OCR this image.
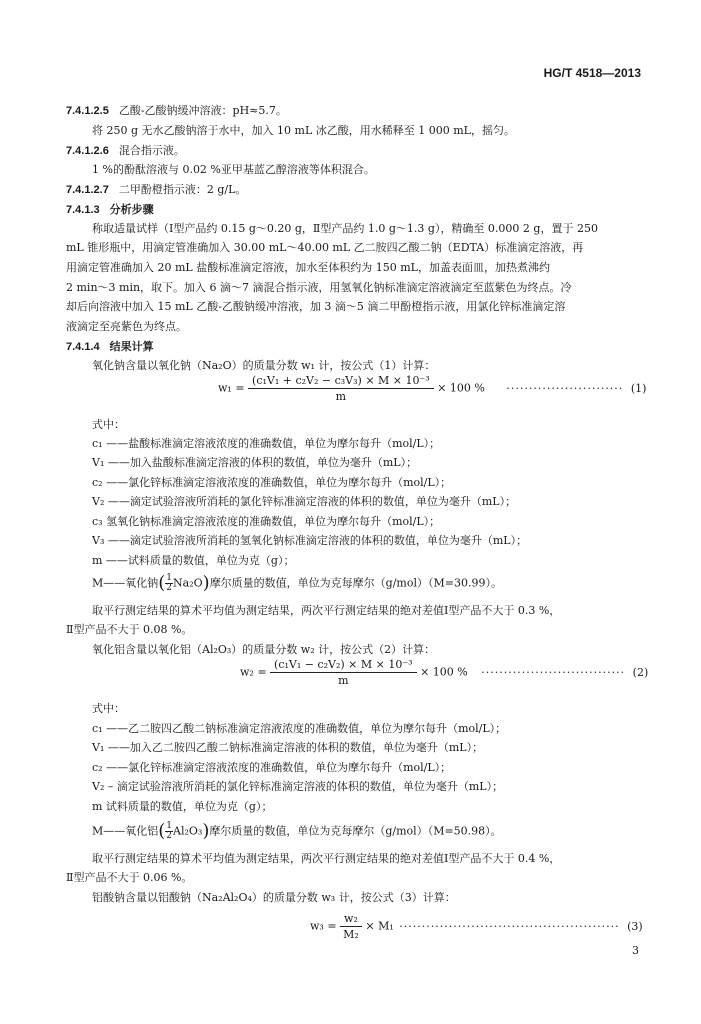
HG/T 4518—2013
7.4.1.2.5 乙酸-乙酸钠缓冲溶液：pH≈5.7。
将 250 g 无水乙酸钠溶于水中，加入 10 mL 冰乙酸，用水稀释至 1 000 mL，摇匀。
7.4.1.2.6 混合指示液。
1 %的酚酞溶液与 0.02 %亚甲基蓝乙醇溶液等体积混合。
7.4.1.2.7 二甲酚橙指示液：2 g/L。
7.4.1.3 分析步骤
称取适量试样（Ⅰ型产品约 0.15 g～0.20 g，Ⅱ型产品约 1.0 g～1.3 g），精确至 0.000 2 g，置于 250
mL 锥形瓶中，用滴定管准确加入 30.00 mL～40.00 mL 乙二胺四乙酸二钠（EDTA）标准滴定溶液，再
用滴定管准确加入 20 mL 盐酸标准滴定溶液，加水至体积约为 150 mL，加盖表面皿，加热煮沸约
2 min～3 min，取下。加入 6 滴～7 滴混合指示液，用氢氧化钠标准滴定溶液滴定至蓝紫色为终点。冷
却后向溶液中加入 15 mL 乙酸-乙酸钠缓冲溶液，加 3 滴～5 滴二甲酚橙指示液，用氯化锌标准滴定溶
液滴定至亮紫色为终点。
7.4.1.4 结果计算
氧化钠含量以氧化钠（Na₂O）的质量分数 w₁ 计，按公式（1）计算：
式中：
c₁ ——盐酸标准滴定溶液浓度的准确数值，单位为摩尔每升（mol/L）；
V₁ ——加入盐酸标准滴定溶液的体积的数值，单位为毫升（mL）；
c₂ ——氯化锌标准滴定溶液浓度的准确数值，单位为摩尔每升（mol/L）；
V₂ ——滴定试验溶液所消耗的氯化锌标准滴定溶液的体积的数值，单位为毫升（mL）；
c₃ 氢氧化钠标准滴定溶液浓度的准确数值，单位为摩尔每升（mol/L）；
V₃ ——滴定试验溶液所消耗的氢氧化钠标准滴定溶液的体积的数值，单位为毫升（mL）；
m ——试料质量的数值，单位为克（g）；
取平行测定结果的算术平均值为测定结果，两次平行测定结果的绝对差值Ⅰ型产品不大于 0.3 %，
Ⅱ型产品不大于 0.08 %。
氧化铝含量以氧化铝（Al₂O₃）的质量分数 w₂ 计，按公式（2）计算：
式中：
c₁ ——乙二胺四乙酸二钠标准滴定溶液浓度的准确数值，单位为摩尔每升（mol/L）；
V₁ ——加入乙二胺四乙酸二钠标准滴定溶液的体积的数值，单位为毫升（mL）；
c₂ ——氯化锌标准滴定溶液浓度的准确数值，单位为摩尔每升（mol/L）；
V₂ – 滴定试验溶液所消耗的氯化锌标准滴定溶液的体积的数值，单位为毫升（mL）；
m 试料质量的数值，单位为克（g）；
取平行测定结果的算术平均值为测定结果，两次平行测定结果的绝对差值Ⅰ型产品不大于 0.4 %，
Ⅱ型产品不大于 0.06 %。
铝酸钠含量以铝酸钠（Na₂Al₂O₄）的质量分数 w₃ 计，按公式（3）计算：
$w_1 = \frac{\text{(c₁V₁ + c₂V₂ − c₃V₃) × M × 10⁻³}}{m} \times 100$ % ·························· (1)
M——氧化钠( $\frac{1}{2} Na_2O$)摩尔质量的数值，单位为克每摩尔（g/mol）（M=30.99）。
$w_2 = \frac{\text{(c₁V₁ − c₂V₂) × M × 10⁻³}}{m} \times 100$ % ································ (2)
M——氧化铝( $\frac{1}{2} Al_2O_3$)摩尔质量的数值，单位为克每摩尔（g/mol）（M=50.98）。
$w_3 = \frac{\text{w₂}}{\text{M₂}} \times M_1$ ················································· (3)
3
